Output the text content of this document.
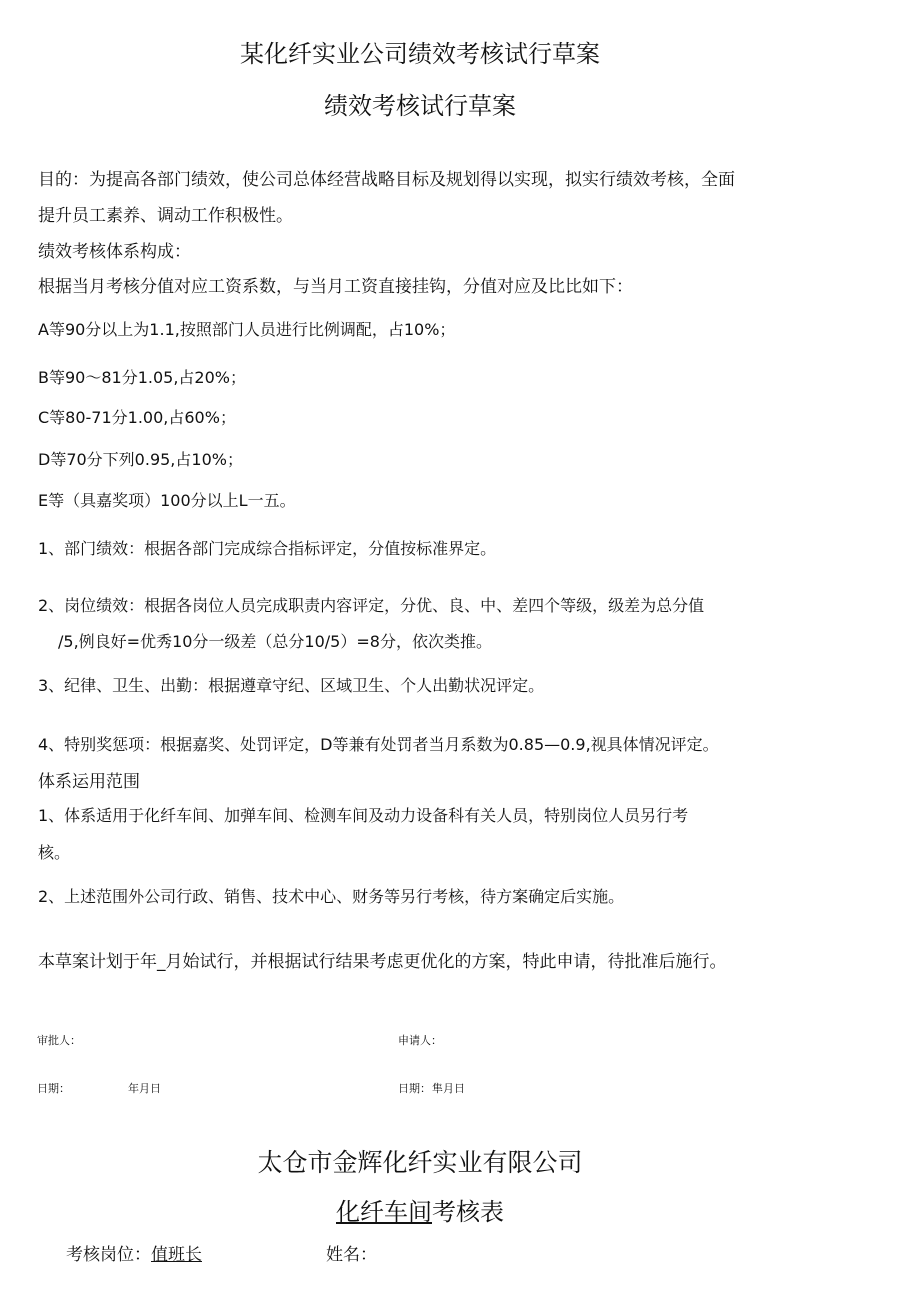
某化纤实业公司绩效考核试行草案
绩效考核试行草案
目的：为提高各部门绩效，使公司总体经营战略目标及规划得以实现，拟实行绩效考核，全面
提升员工素养、调动工作积极性。
绩效考核体系构成：
根据当月考核分值对应工资系数，与当月工资直接挂钩，分值对应及比比如下：
A等90分以上为1.1,按照部门人员进行比例调配，占10%；
B等90～81分1.05,占20%；
C等80-71分1.00,占60%；
D等70分下列0.95,占10%；
E等（具嘉奖项）100分以上L一五。
1、部门绩效：根据各部门完成综合指标评定，分值按标准界定。
2、岗位绩效：根据各岗位人员完成职责内容评定，分优、良、中、差四个等级，级差为总分值
/5,例良好=优秀10分一级差（总分10/5）=8分，依次类推。
3、纪律、卫生、出勤：根据遵章守纪、区域卫生、个人出勤状况评定。
4、特别奖惩项：根据嘉奖、处罚评定，D等兼有处罚者当月系数为0.85—0.9,视具体情况评定。
体系运用范围
1、体系适用于化纤车间、加弹车间、检测车间及动力设备科有关人员，特别岗位人员另行考
核。
2、上述范围外公司行政、销售、技术中心、财务等另行考核，待方案确定后实施。
本草案计划于年_月始试行，并根据试行结果考虑更优化的方案，特此申请，待批准后施行。
审批人：	申请人：
日期：	年月日	日期： 隼月日
太仓市金辉化纤实业有限公司
化纤车间考核表
考核岗位：值班长	姓名：
